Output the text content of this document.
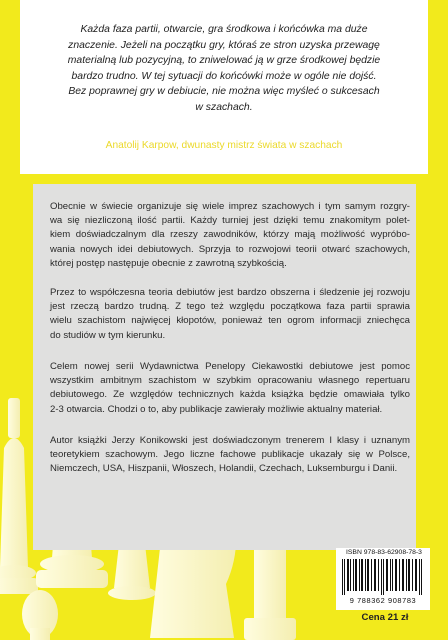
Każda faza partii, otwarcie, gra środkowa i końcówka ma duże
znaczenie. Jeżeli na początku gry, któraś ze stron uzyska przewagę
materialną lub pozycyjną, to zniwelować ją w grze środkowej będzie
bardzo trudno. W tej sytuacji do końcówki może w ogóle nie dojść.
Bez poprawnej gry w debiucie, nie można więc myśleć o sukcesach
w szachach.
Anatolij Karpow, dwunasty mistrz świata w szachach
Obecnie w świecie organizuje się wiele imprez szachowych i tym samym rozgry-
wa się niezliczoną ilość partii. Każdy turniej jest dzięki temu znakomitym polet-
kiem doświadczalnym dla rzeszy zawodników, którzy mają możliwość wypróbo-
wania nowych idei debiutowych. Sprzyja to rozwojowi teorii otwarć szachowych,
której postęp następuje obecnie z zawrotną szybkością.
Przez to współczesna teoria debiutów jest bardzo obszerna i śledzenie jej rozwoju
jest rzeczą bardzo trudną. Z tego też względu początkowa faza partii sprawia
wielu szachistom najwięcej kłopotów, ponieważ ten ogrom informacji zniechęca
do studiów w tym kierunku.
Celem nowej serii Wydawnictwa Penelopy Ciekawostki debiutowe jest pomoc
wszystkim ambitnym szachistom w szybkim opracowaniu własnego repertuaru
debiutowego. Ze względów technicznych każda książka będzie omawiała tylko
2-3 otwarcia. Chodzi o to, aby publikacje zawierały możliwie aktualny materiał.
Autor książki Jerzy Konikowski jest doświadczonym trenerem I klasy i uznanym
teoretykiem szachowym. Jego liczne fachowe publikacje ukazały się w Polsce,
Niemczech, USA, Hiszpanii, Włoszech, Holandii, Czechach, Luksemburgu i Danii.
ISBN 978-83-62908-78-3
9 788362 908783
Cena 21 zł
